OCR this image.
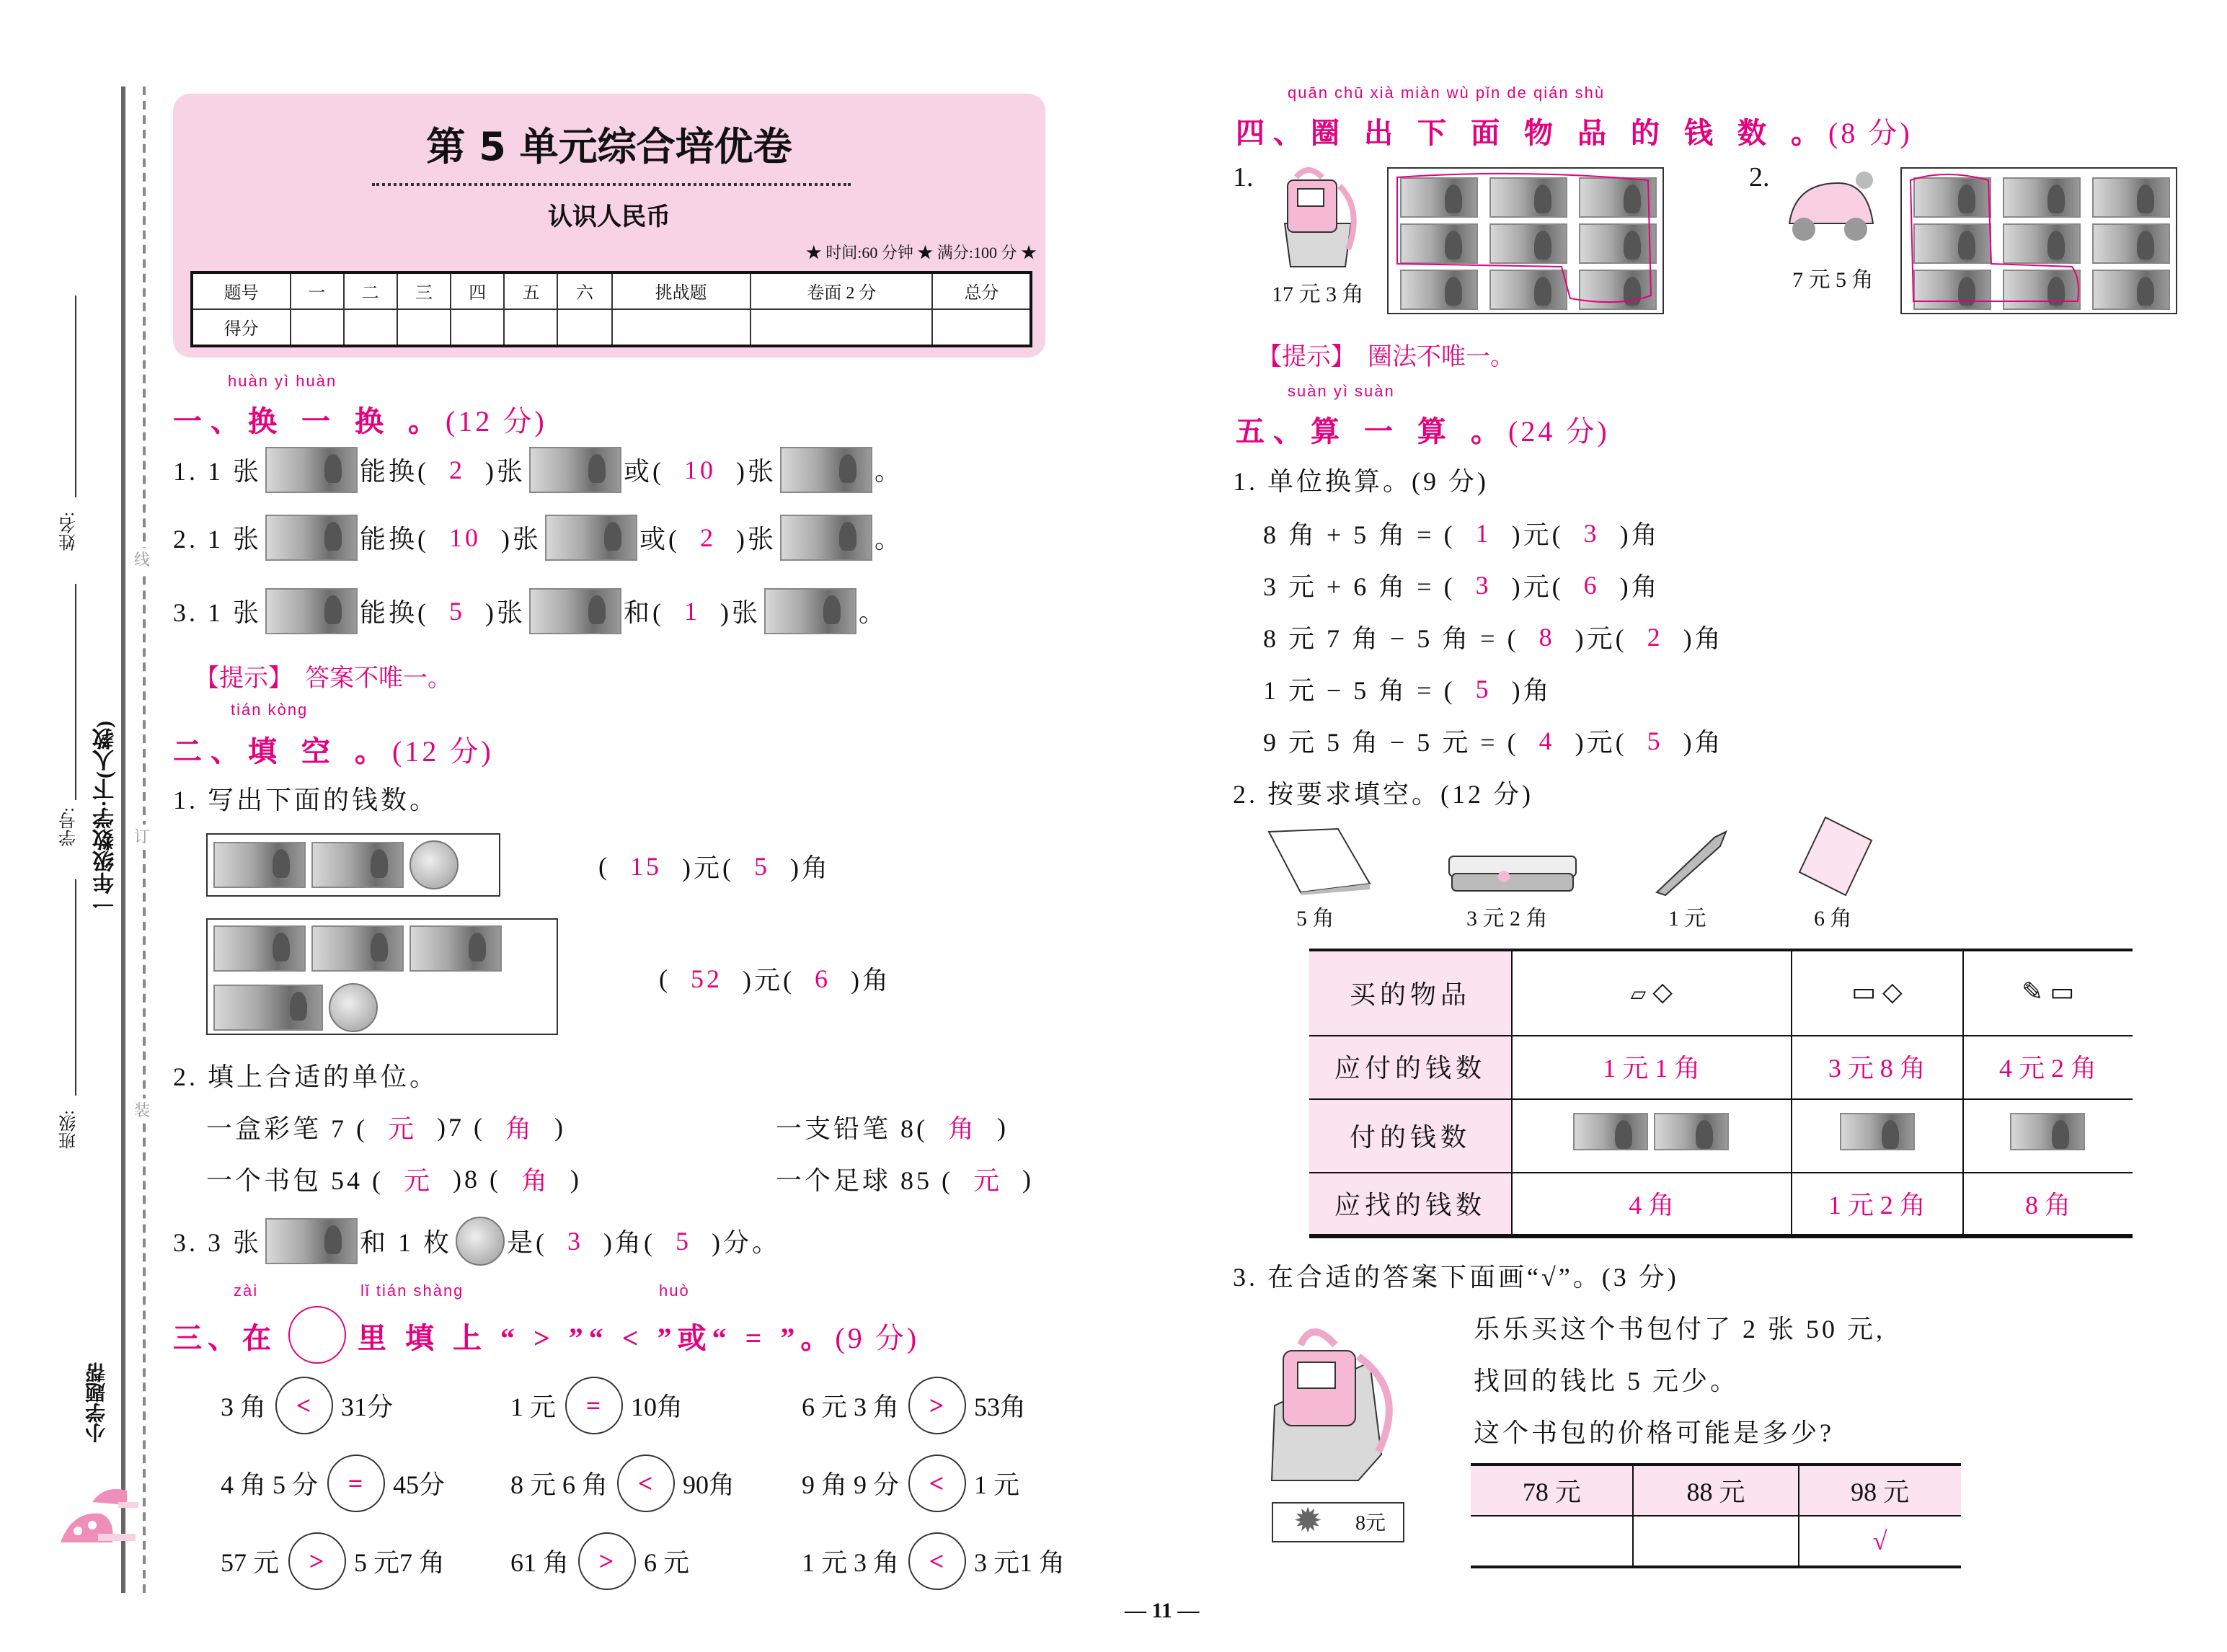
姓名:
学号:
班级:
一年级数学·下(人教)
小学题帮
线
订
装
第 5 单元综合培优卷
认识人民币
★ 时间:60 分钟 ★ 满分:100 分 ★
题号	一	二	三	四	五	六	挑战题	卷面 2 分	总分
得分									
huàn yì huàn
一、换 一 换 。(12 分)
1. 1 张	能换(	2	)张	或(	10	)张	。
2. 1 张	能换(	10	)张	或(	2	)张	。
3. 1 张	能换(	5	)张	和(	1	)张	。
【提示】 答案不唯一。
tián kòng
二、填 空 。(12 分)
1. 写出下面的钱数。
(	15	)元(	5	)角
(	52	)元(	6	)角
2. 填上合适的单位。
一盒彩笔 7 (	元	)7 (	角	)	一支铅笔 8(	角	)
一个书包 54 (	元	)8 (	角	)	一个足球 85 (	元	)
3. 3 张	和 1 枚	是(	3	)角(	5	)分。
zài	lǐ tián shàng	huò
三、在	里 填 上 “ > ”“ < ”或“ = ”。 (9 分)
3 角	<	31分	1 元	=	10角	6 元 3 角	>	53角
4 角 5 分	=	45分	8 元 6 角	<	90角	9 角 9 分	<	1 元
57 元	>	5 元7 角	61 角	>	6 元	1 元 3 角	<	3 元1 角
— 11 —
quān chū xià miàn wù pǐn de qián shù
四、圈 出 下 面 物 品 的 钱 数 。(8 分)
1.
17 元 3 角
2.
7 元 5 角
【提示】 圈法不唯一。
suàn yì suàn
五、算 一 算 。(24 分)
1. 单位换算。(9 分)
8 角 + 5 角 = (	1	)元(	3	)角
3 元 + 6 角 = (	3	)元(	6	)角
8 元 7 角 − 5 角 = (	8	)元(	2	)角
1 元 − 5 角 = (	5	)角
9 元 5 角 − 5 元 = (	4	)元(	5	)角
2. 按要求填空。(12 分)
5 角	3 元 2 角	1 元	6 角
买的物品	▱ ◇	▭ ◇	✎ ▭
应付的钱数	1 元 1 角	3 元 8 角	4 元 2 角
付的钱数			
应找的钱数	4 角	1 元 2 角	8 角
3. 在合适的答案下面画“√”。(3 分)
✹	8元
乐乐买这个书包付了 2 张 50 元,
找回的钱比 5 元少。
这个书包的价格可能是多少?
78 元	88 元	98 元
		√
